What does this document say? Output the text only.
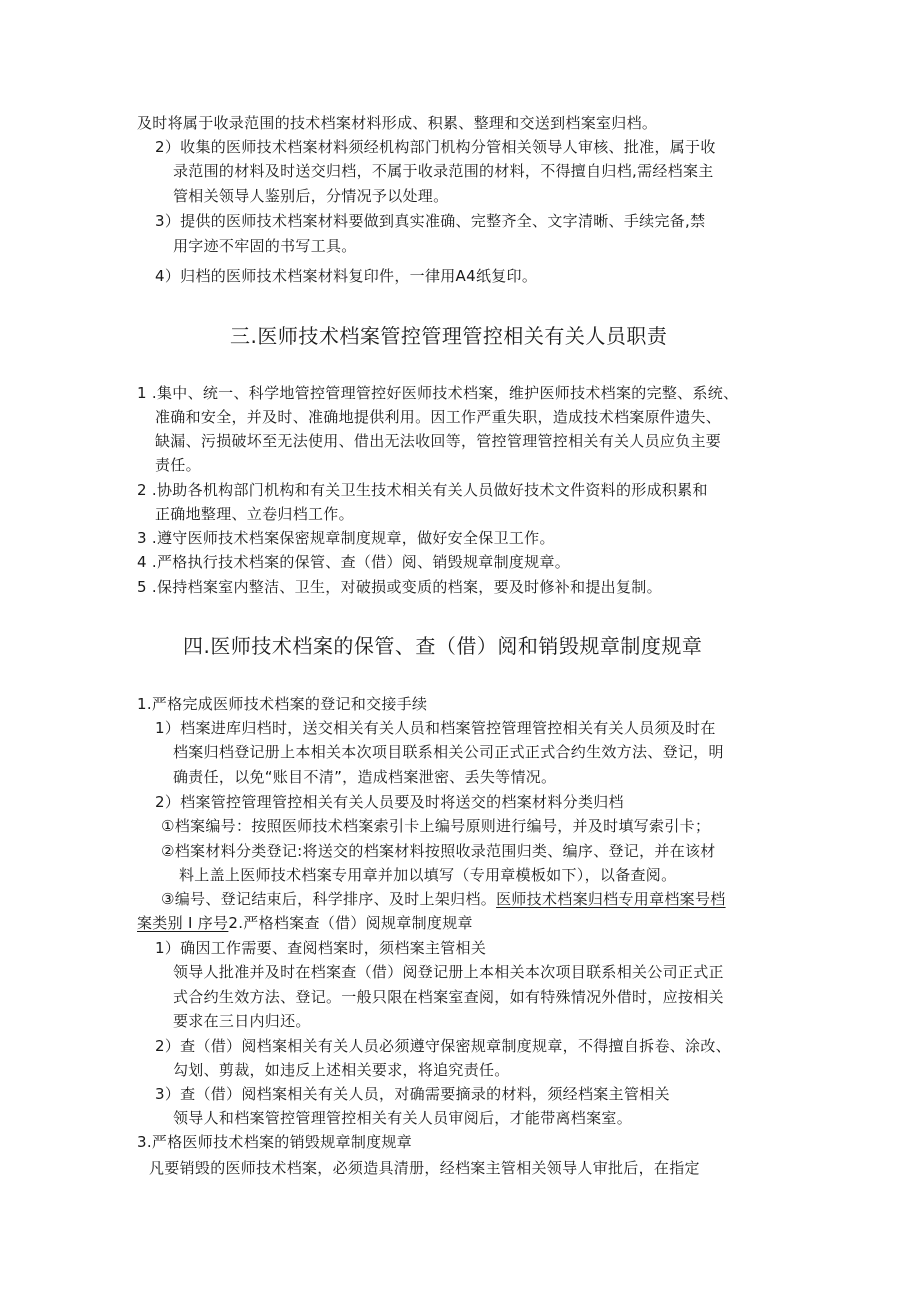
及时将属于收录范围的技术档案材料形成、积累、整理和交送到档案室归档。
2）收集的医师技术档案材料须经机构部门机构分管相关领导人审核、批准，属于收
录范围的材料及时送交归档，不属于收录范围的材料，不得擅自归档,需经档案主
管相关领导人鉴别后，分情况予以处理。
3）提供的医师技术档案材料要做到真实准确、完整齐全、文字清晰、手续完备,禁
用字迹不牢固的书写工具。
4）归档的医师技术档案材料复印件，一律用A4纸复印。
三.医师技术档案管控管理管控相关有关人员职责
1 .集中、统一、科学地管控管理管控好医师技术档案，维护医师技术档案的完整、系统、
准确和安全，并及时、准确地提供利用。因工作严重失职，造成技术档案原件遗失、
缺漏、污损破坏至无法使用、借出无法收回等，管控管理管控相关有关人员应负主要
责任。
2 .协助各机构部门机构和有关卫生技术相关有关人员做好技术文件资料的形成积累和
正确地整理、立卷归档工作。
3 .遵守医师技术档案保密规章制度规章，做好安全保卫工作。
4 .严格执行技术档案的保管、查（借）阅、销毁规章制度规章。
5 .保持档案室内整洁、卫生，对破损或变质的档案，要及时修补和提出复制。
四.医师技术档案的保管、查（借）阅和销毁规章制度规章
1.严格完成医师技术档案的登记和交接手续
1）档案进库归档时，送交相关有关人员和档案管控管理管控相关有关人员须及时在
档案归档登记册上本相关本次项目联系相关公司正式正式合约生效方法、登记，明
确责任，以免“账目不清”，造成档案泄密、丢失等情况。
2）档案管控管理管控相关有关人员要及时将送交的档案材料分类归档
①档案编号：按照医师技术档案索引卡上编号原则进行编号，并及时填写索引卡；
②档案材料分类登记:将送交的档案材料按照收录范围归类、编序、登记，并在该材
料上盖上医师技术档案专用章并加以填写（专用章模板如下），以备查阅。
③编号、登记结束后，科学排序、及时上架归档。医师技术档案归档专用章档案号档
案类别 I 序号2.严格档案查（借）阅规章制度规章
1）确因工作需要、查阅档案时，须档案主管相关
领导人批准并及时在档案查（借）阅登记册上本相关本次项目联系相关公司正式正
式合约生效方法、登记。一般只限在档案室查阅，如有特殊情况外借时，应按相关
要求在三日内归还。
2）查（借）阅档案相关有关人员必须遵守保密规章制度规章，不得擅自拆卷、涂改、
勾划、剪裁，如违反上述相关要求，将追究责任。
3）查（借）阅档案相关有关人员，对确需要摘录的材料，须经档案主管相关
领导人和档案管控管理管控相关有关人员审阅后，才能带离档案室。
3.严格医师技术档案的销毁规章制度规章
凡要销毁的医师技术档案，必须造具清册，经档案主管相关领导人审批后，在指定
